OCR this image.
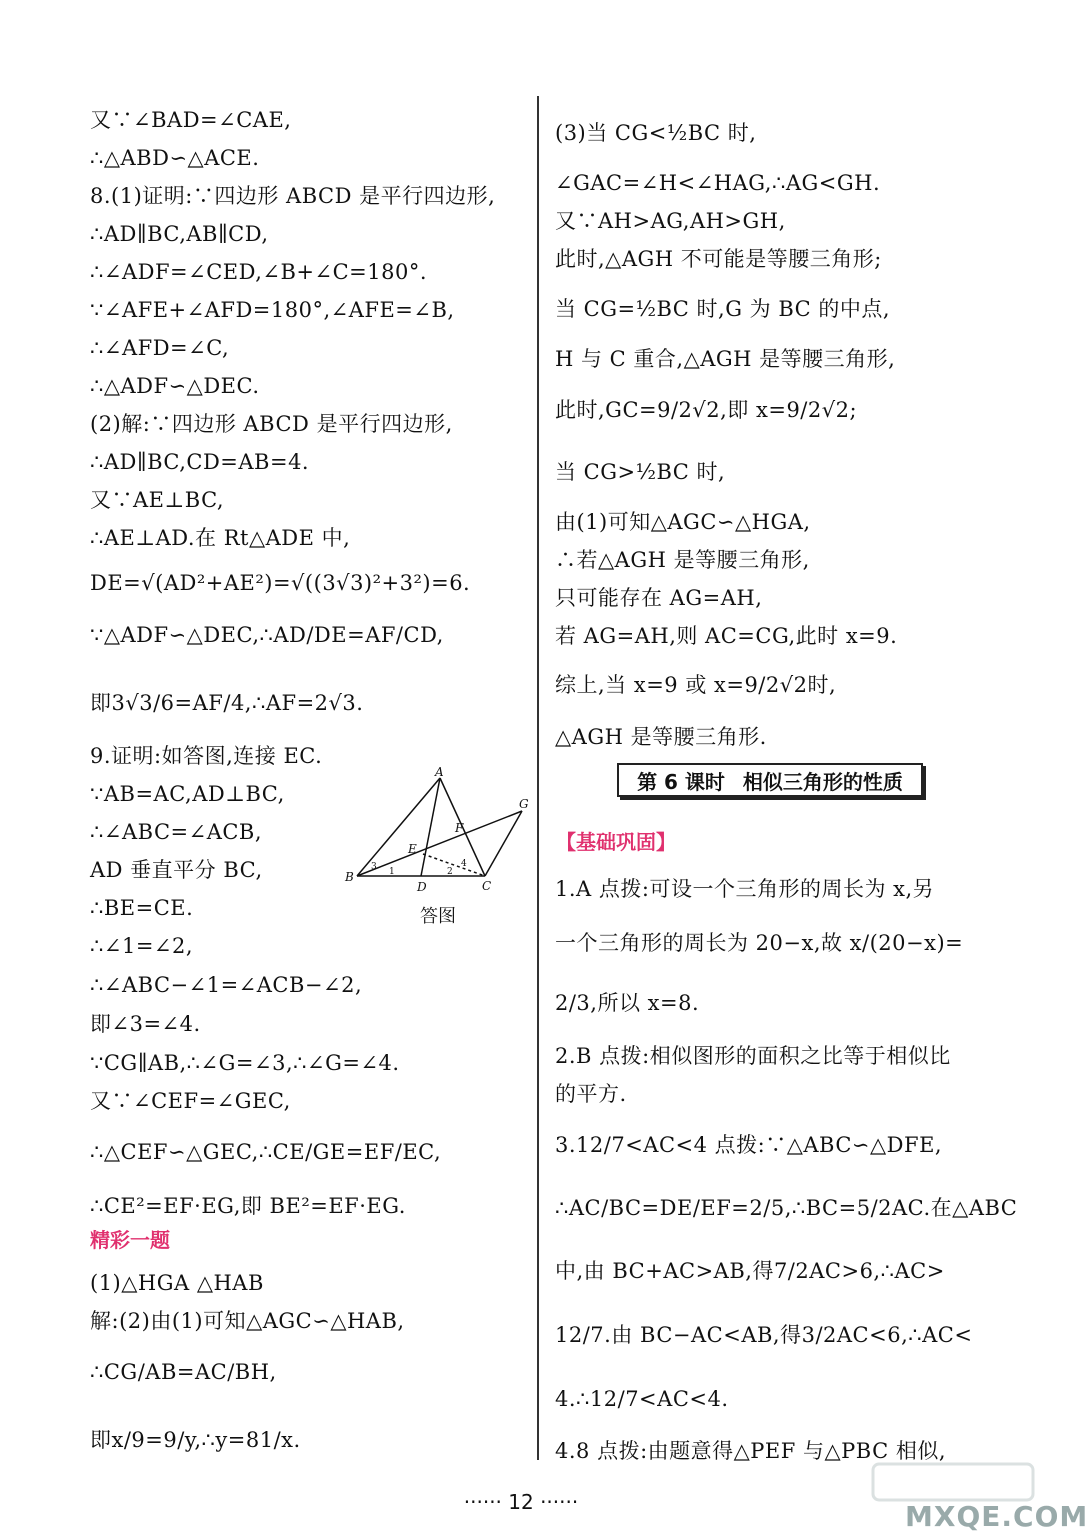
又∵∠BAD=∠CAE,
∴△ABD∽△ACE.
8.(1)证明:∵四边形 ABCD 是平行四边形,
∴AD∥BC,AB∥CD,
∴∠ADF=∠CED,∠B+∠C=180°.
∵∠AFE+∠AFD=180°,∠AFE=∠B,
∴∠AFD=∠C,
∴△ADF∽△DEC.
(2)解:∵四边形 ABCD 是平行四边形,
∴AD∥BC,CD=AB=4.
又∵AE⊥BC,
∴AE⊥AD.在 Rt△ADE 中,
DE=√(AD²+AE²)=√((3√3)²+3²)=6.
∵△ADF∽△DEC,∴AD/DE=AF/CD,
即3√3/6=AF/4,∴AF=2√3.
9.证明:如答图,连接 EC.
∵AB=AC,AD⊥BC,
∴∠ABC=∠ACB,
AD 垂直平分 BC,
∴BE=CE.
∴∠1=∠2,
∴∠ABC−∠1=∠ACB−∠2,
即∠3=∠4.
∵CG∥AB,∴∠G=∠3,∴∠G=∠4.
又∵∠CEF=∠GEC,
∴△CEF∽△GEC,∴CE/GE=EF/EC,
∴CE²=EF·EG,即 BE²=EF·EG.
(1)△HGA △HAB
解:(2)由(1)可知△AGC∽△HAB,
∴CG/AB=AC/BH,
即x/9=9/y,∴y=81/x.
(3)当 CG<½BC 时,
∠GAC=∠H<∠HAG,∴AG<GH.
又∵AH>AG,AH>GH,
此时,△AGH 不可能是等腰三角形;
当 CG=½BC 时,G 为 BC 的中点,
H 与 C 重合,△AGH 是等腰三角形,
此时,GC=9/2√2,即 x=9/2√2;
当 CG>½BC 时,
由(1)可知△AGC∽△HGA,
∴若△AGH 是等腰三角形,
只可能存在 AG=AH,
若 AG=AH,则 AC=CG,此时 x=9.
综上,当 x=9 或 x=9/2√2时,
△AGH 是等腰三角形.
1.A 点拨:可设一个三角形的周长为 x,另
一个三角形的周长为 20−x,故 x/(20−x)=
2/3,所以 x=8.
2.B 点拨:相似图形的面积之比等于相似比
的平方.
3.12/7<AC<4 点拨:∵△ABC∽△DFE,
∴AC/BC=DE/EF=2/5,∴BC=5/2AC.在△ABC
中,由 BC+AC>AB,得7/2AC>6,∴AC>
12/7.由 BC−AC<AB,得3/2AC<6,∴AC<
4.∴12/7<AC<4.
4.8 点拨:由题意得△PEF 与△PBC 相似,
精彩一题
【基础巩固】
第 6 课时 相似三角形的性质
A
B
C
D
E
F
G
1	2
3	4
答图
······ 12 ······	MXQE.COM
